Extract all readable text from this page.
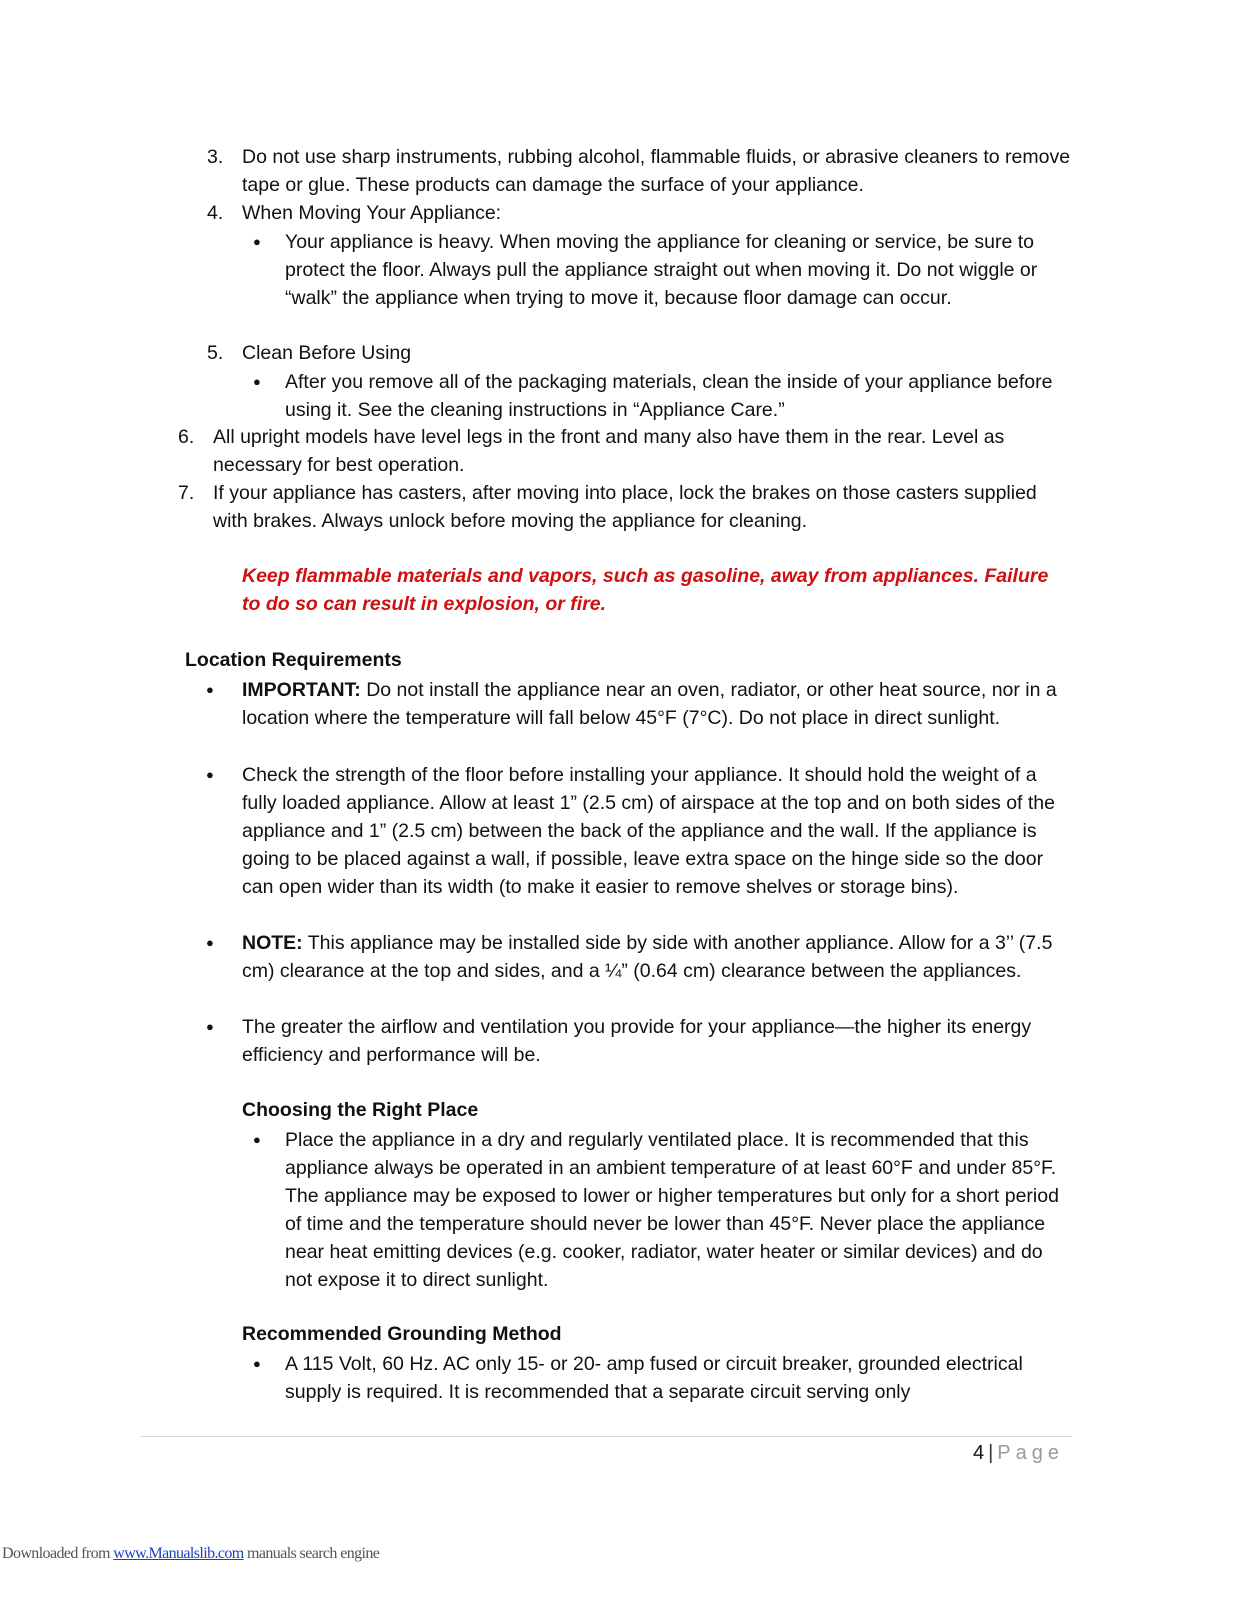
3. Do not use sharp instruments, rubbing alcohol, flammable fluids, or abrasive cleaners to remove tape or glue. These products can damage the surface of your appliance.
4. When Moving Your Appliance:
● Your appliance is heavy. When moving the appliance for cleaning or service, be sure to protect the floor. Always pull the appliance straight out when moving it. Do not wiggle or “walk” the appliance when trying to move it, because floor damage can occur.
5. Clean Before Using
● After you remove all of the packaging materials, clean the inside of your appliance before using it. See the cleaning instructions in “Appliance Care.”
6. All upright models have level legs in the front and many also have them in the rear. Level as necessary for best operation.
7. If your appliance has casters, after moving into place, lock the brakes on those casters supplied with brakes. Always unlock before moving the appliance for cleaning.
Keep flammable materials and vapors, such as gasoline, away from appliances. Failure to do so can result in explosion, or fire.
Location Requirements
● IMPORTANT: Do not install the appliance near an oven, radiator, or other heat source, nor in a location where the temperature will fall below 45°F (7°C). Do not place in direct sunlight.
● Check the strength of the floor before installing your appliance. It should hold the weight of a fully loaded appliance. Allow at least 1” (2.5 cm) of airspace at the top and on both sides of the appliance and 1” (2.5 cm) between the back of the appliance and the wall. If the appliance is going to be placed against a wall, if possible, leave extra space on the hinge side so the door can open wider than its width (to make it easier to remove shelves or storage bins).
● NOTE: This appliance may be installed side by side with another appliance. Allow for a 3’’ (7.5 cm) clearance at the top and sides, and a ¼” (0.64 cm) clearance between the appliances.
● The greater the airflow and ventilation you provide for your appliance—the higher its energy efficiency and performance will be.
Choosing the Right Place
● Place the appliance in a dry and regularly ventilated place. It is recommended that this appliance always be operated in an ambient temperature of at least 60°F and under 85°F. The appliance may be exposed to lower or higher temperatures but only for a short period of time and the temperature should never be lower than 45°F. Never place the appliance near heat emitting devices (e.g. cooker, radiator, water heater or similar devices) and do not expose it to direct sunlight.
Recommended Grounding Method
● A 115 Volt, 60 Hz. AC only 15- or 20- amp fused or circuit breaker, grounded electrical supply is required. It is recommended that a separate circuit serving only
4 | Page
Downloaded from www.Manualslib.com manuals search engine
